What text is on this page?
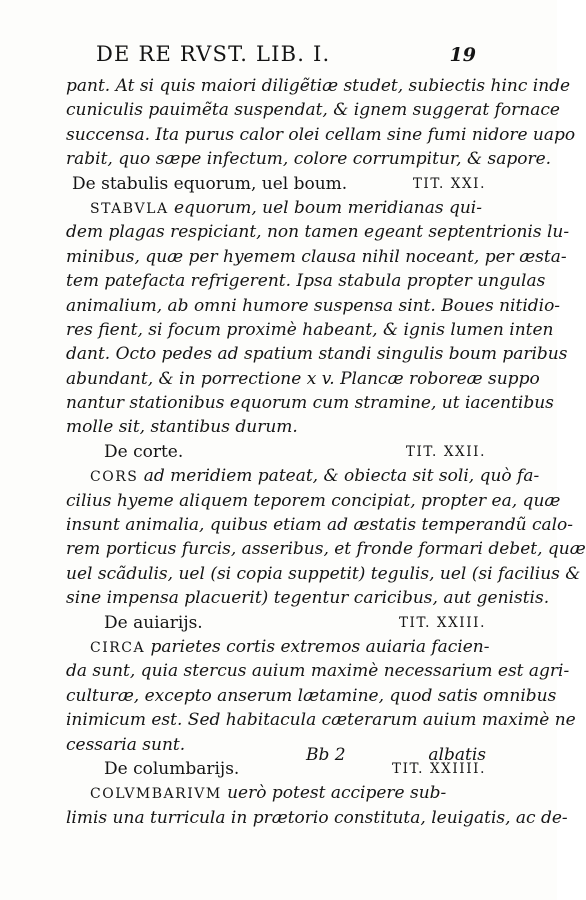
DE RE RVST. LIB. I.	19
pant. At si quis maiori diligẽtiæ studet, subiectis hinc inde
cuniculis pauimẽta suspendat, & ignem suggerat fornace
succensa. Ita purus calor olei cellam sine fumi nidore uapo
rabit, quo sæpe infectum, colore corrumpitur, & sapore.
De stabulis equorum, uel boum.	TIT. XXI.
STABVLA equorum, uel boum meridianas qui-
dem plagas respiciant, non tamen egeant septentrionis lu-
minibus, quæ per hyemem clausa nihil noceant, per æsta-
tem patefacta refrigerent. Ipsa stabula propter ungulas
animalium, ab omni humore suspensa sint. Boues nitidio-
res fient, si focum proximè habeant, & ignis lumen inten
dant. Octo pedes ad spatium standi singulis boum paribus
abundant, & in porrectione x v. Plancæ roboreæ suppo
nantur stationibus equorum cum stramine, ut iacentibus
molle sit, stantibus durum.
De corte.	TIT. XXII.
CORS ad meridiem pateat, & obiecta sit soli, quò fa-
cilius hyeme aliquem teporem concipiat, propter ea, quæ
insunt animalia, quibus etiam ad æstatis temperandũ calo-
rem porticus furcis, asseribus, et fronde formari debet, quæ
uel scãdulis, uel (si copia suppetit) tegulis, uel (si facilius &
sine impensa placuerit) tegentur caricibus, aut genistis.
De auiarijs.	TIT. XXIII.
CIRCA parietes cortis extremos auiaria facien-
da sunt, quia stercus auium maximè necessarium est agri-
culturæ, excepto anserum lætamine, quod satis omnibus
inimicum est. Sed habitacula cæterarum auium maximè ne
cessaria sunt.
De columbarijs.	TIT. XXIIII.
COLVMBARIVM uerò potest accipere sub-
limis una turricula in prætorio constituta, leuigatis, ac de-
Bb 2	albatis
